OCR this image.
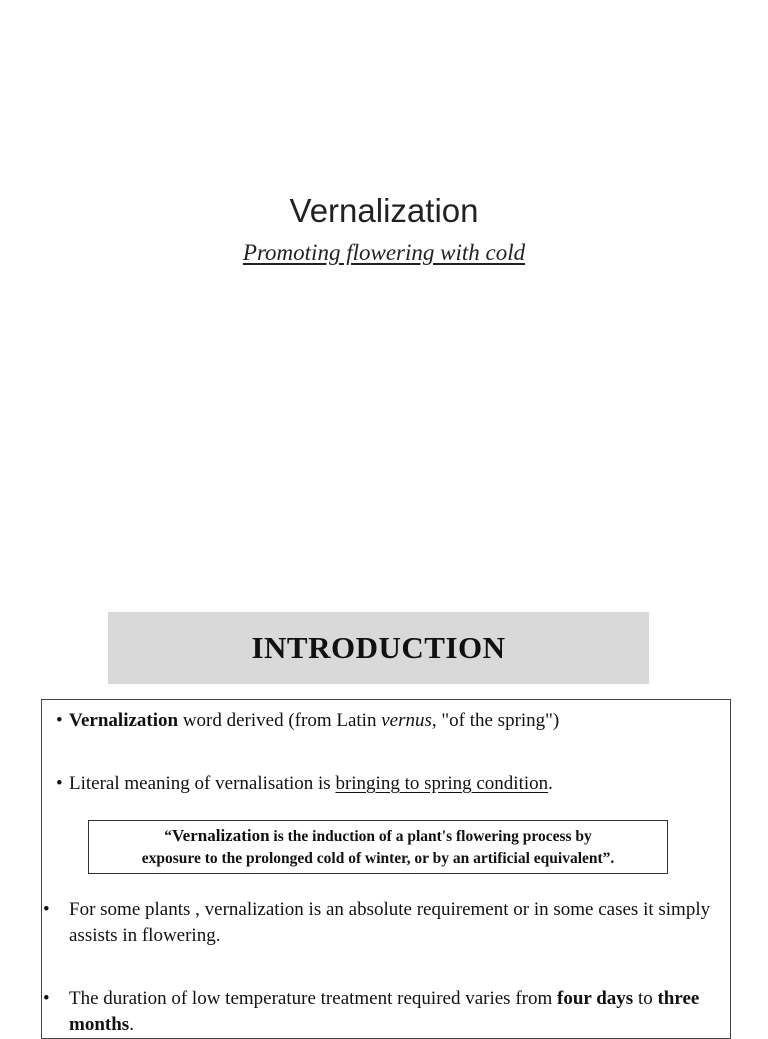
Vernalization
Promoting flowering with cold
INTRODUCTION
• Vernalization word derived (from Latin vernus, "of the spring")
• Literal meaning of vernalisation is bringing to spring condition.
“Vernalization is the induction of a plant's flowering process by
exposure to the prolonged cold of winter, or by an artificial equivalent”.
• For some plants , vernalization is an absolute requirement or in some cases it simply assists in flowering.
• The duration of low temperature treatment required varies from four days to three months.
